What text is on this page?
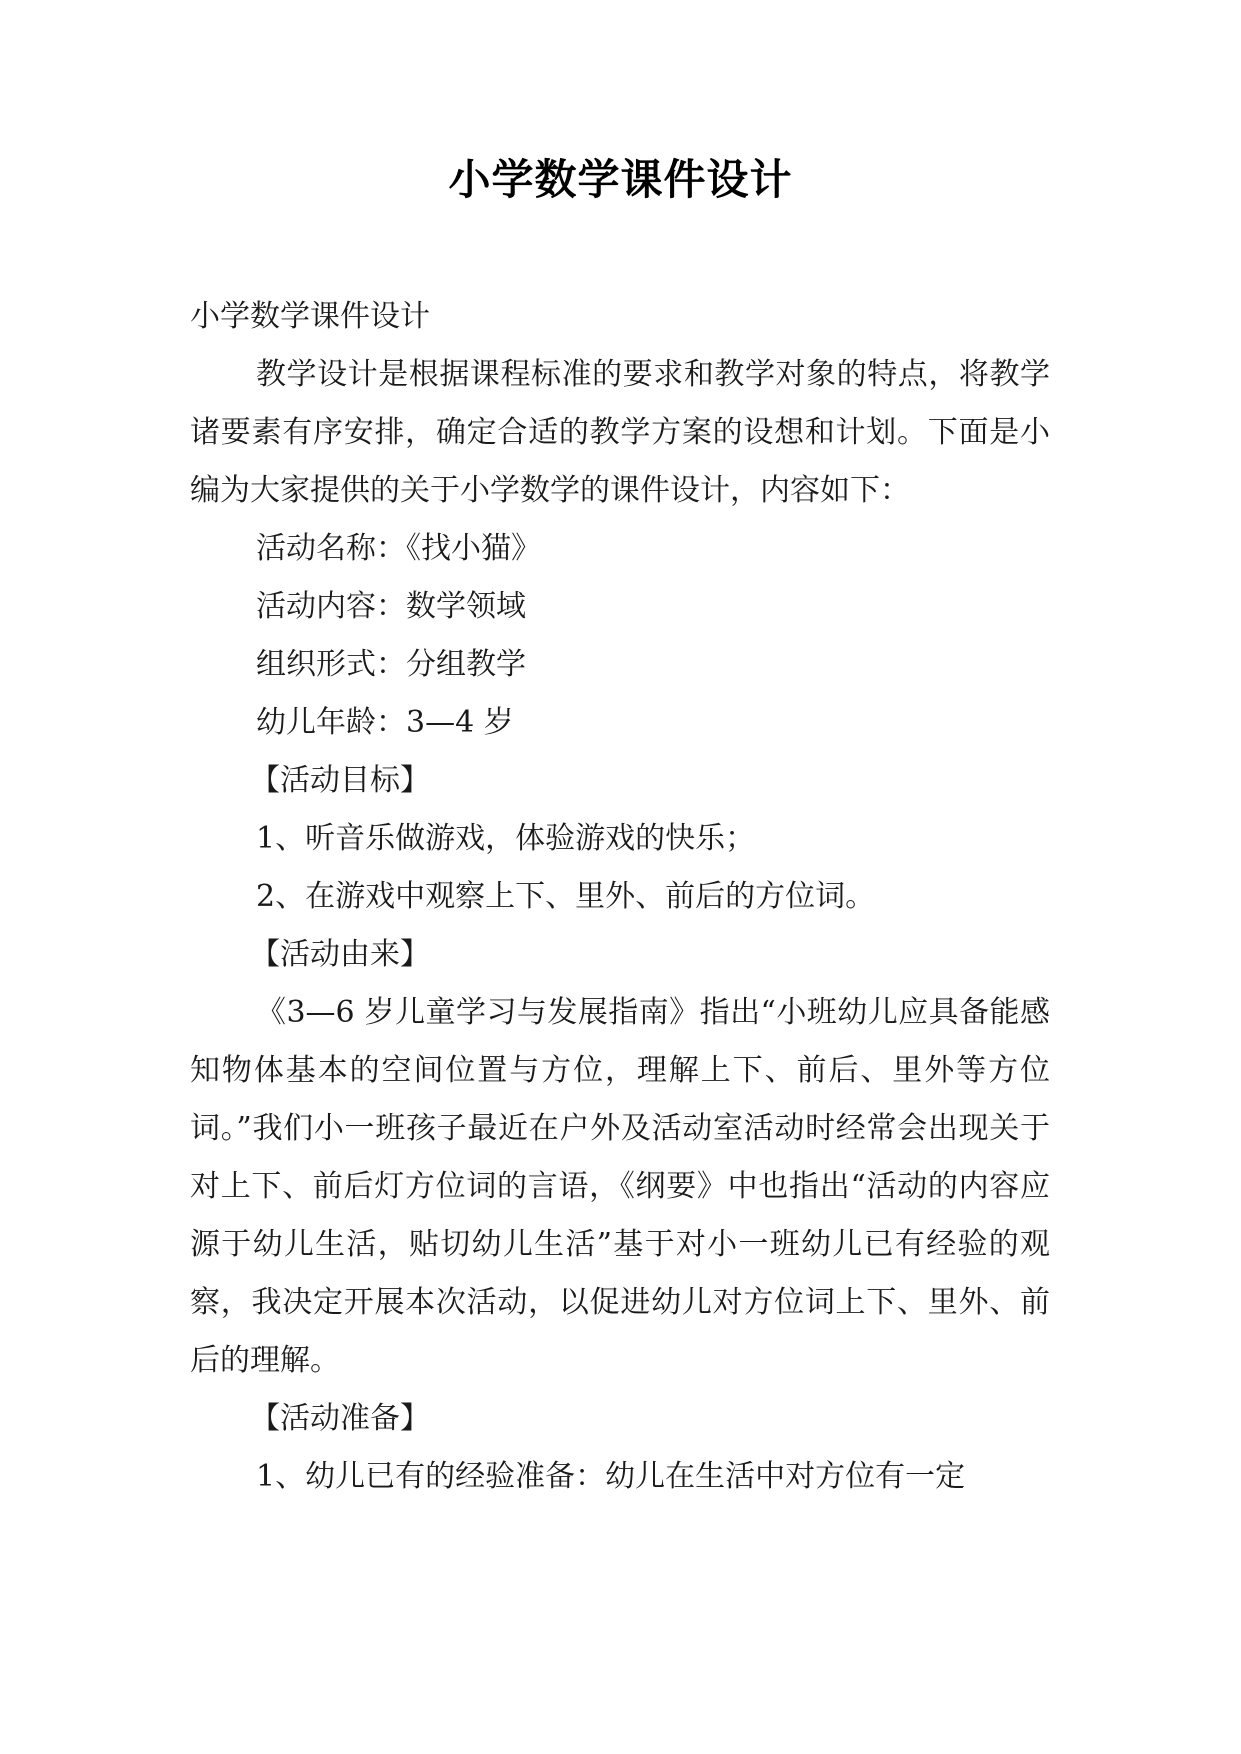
小学数学课件设计
小学数学课件设计
教学设计是根据课程标准的要求和教学对象的特点，将教学诸要素有序安排，确定合适的教学方案的设想和计划。下面是小编为大家提供的关于小学数学的课件设计，内容如下：
活动名称：《找小猫》
活动内容：数学领域
组织形式：分组教学
幼儿年龄：3—4 岁
【活动目标】
1、听音乐做游戏，体验游戏的快乐；
2、在游戏中观察上下、里外、前后的方位词。
【活动由来】
《3—6 岁儿童学习与发展指南》指出“小班幼儿应具备能感知物体基本的空间位置与方位，理解上下、前后、里外等方位词。”我们小一班孩子最近在户外及活动室活动时经常会出现关于对上下、前后灯方位词的言语，《纲要》中也指出“活动的内容应源于幼儿生活，贴切幼儿生活”基于对小一班幼儿已有经验的观察，我决定开展本次活动，以促进幼儿对方位词上下、里外、前后的理解。
【活动准备】
1、幼儿已有的经验准备：幼儿在生活中对方位有一定
